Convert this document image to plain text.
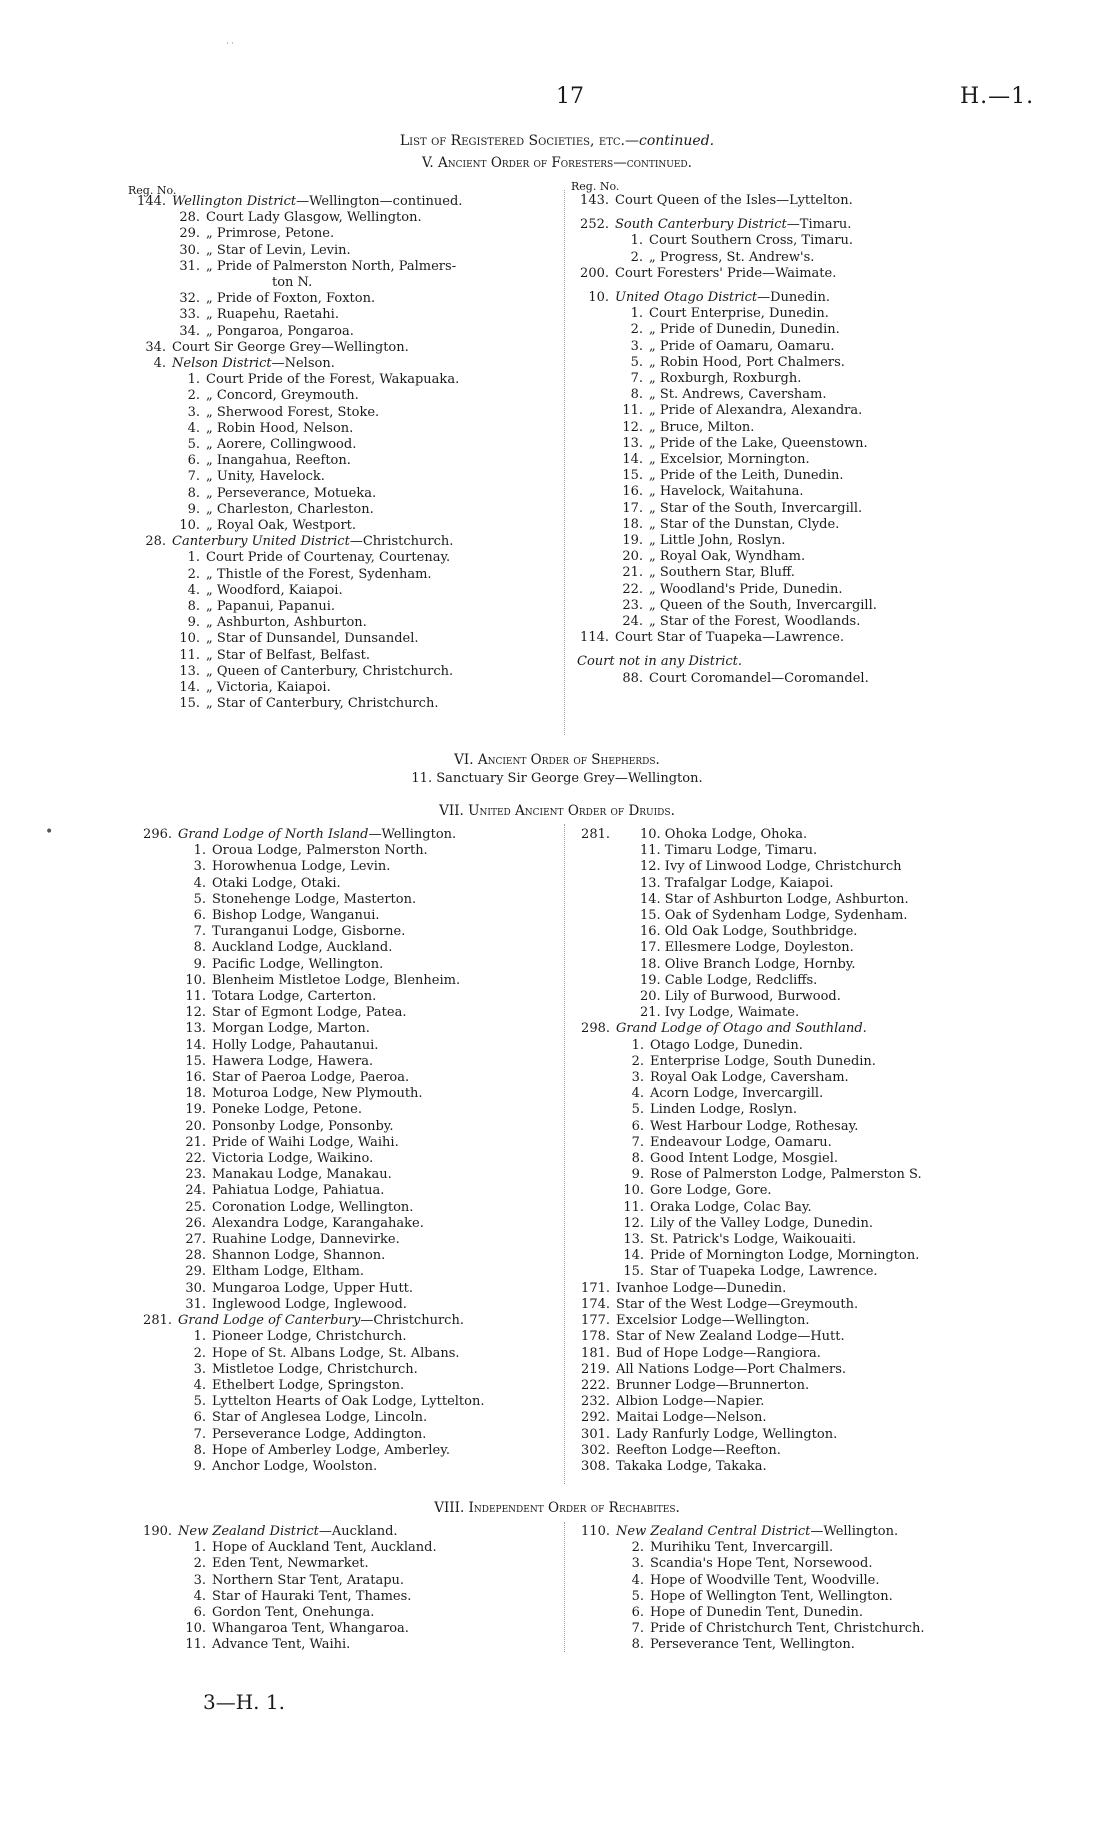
˙˙
•
17	H.—1.
List of Registered Societies, etc.—continued.
V. Ancient Order of Foresters—continued.
Reg. No.	Reg. No.
144. Wellington District—Wellington—continued.
28. Court Lady Glasgow, Wellington.
29. „ Primrose, Petone.
30. „ Star of Levin, Levin.
31. „ Pride of Palmerston North, Palmers-
ton N.
32. „ Pride of Foxton, Foxton.
33. „ Ruapehu, Raetahi.
34. „ Pongaroa, Pongaroa.
34. Court Sir George Grey—Wellington.
4. Nelson District—Nelson.
1. Court Pride of the Forest, Wakapuaka.
2. „ Concord, Greymouth.
3. „ Sherwood Forest, Stoke.
4. „ Robin Hood, Nelson.
5. „ Aorere, Collingwood.
6. „ Inangahua, Reefton.
7. „ Unity, Havelock.
8. „ Perseverance, Motueka.
9. „ Charleston, Charleston.
10. „ Royal Oak, Westport.
28. Canterbury United District—Christchurch.
1. Court Pride of Courtenay, Courtenay.
2. „ Thistle of the Forest, Sydenham.
4. „ Woodford, Kaiapoi.
8. „ Papanui, Papanui.
9. „ Ashburton, Ashburton.
10. „ Star of Dunsandel, Dunsandel.
11. „ Star of Belfast, Belfast.
13. „ Queen of Canterbury, Christchurch.
14. „ Victoria, Kaiapoi.
15. „ Star of Canterbury, Christchurch.
143. Court Queen of the Isles—Lyttelton.
252. South Canterbury District—Timaru.
1. Court Southern Cross, Timaru.
2. „ Progress, St. Andrew's.
200. Court Foresters' Pride—Waimate.
10. United Otago District—Dunedin.
1. Court Enterprise, Dunedin.
2. „ Pride of Dunedin, Dunedin.
3. „ Pride of Oamaru, Oamaru.
5. „ Robin Hood, Port Chalmers.
7. „ Roxburgh, Roxburgh.
8. „ St. Andrews, Caversham.
11. „ Pride of Alexandra, Alexandra.
12. „ Bruce, Milton.
13. „ Pride of the Lake, Queenstown.
14. „ Excelsior, Mornington.
15. „ Pride of the Leith, Dunedin.
16. „ Havelock, Waitahuna.
17. „ Star of the South, Invercargill.
18. „ Star of the Dunstan, Clyde.
19. „ Little John, Roslyn.
20. „ Royal Oak, Wyndham.
21. „ Southern Star, Bluff.
22. „ Woodland's Pride, Dunedin.
23. „ Queen of the South, Invercargill.
24. „ Star of the Forest, Woodlands.
114. Court Star of Tuapeka—Lawrence.
Court not in any District.
88. Court Coromandel—Coromandel.
VI. Ancient Order of Shepherds.
11. Sanctuary Sir George Grey—Wellington.
VII. United Ancient Order of Druids.
296. Grand Lodge of North Island—Wellington.
1. Oroua Lodge, Palmerston North.
3. Horowhenua Lodge, Levin.
4. Otaki Lodge, Otaki.
5. Stonehenge Lodge, Masterton.
6. Bishop Lodge, Wanganui.
7. Turanganui Lodge, Gisborne.
8. Auckland Lodge, Auckland.
9. Pacific Lodge, Wellington.
10. Blenheim Mistletoe Lodge, Blenheim.
11. Totara Lodge, Carterton.
12. Star of Egmont Lodge, Patea.
13. Morgan Lodge, Marton.
14. Holly Lodge, Pahautanui.
15. Hawera Lodge, Hawera.
16. Star of Paeroa Lodge, Paeroa.
18. Moturoa Lodge, New Plymouth.
19. Poneke Lodge, Petone.
20. Ponsonby Lodge, Ponsonby.
21. Pride of Waihi Lodge, Waihi.
22. Victoria Lodge, Waikino.
23. Manakau Lodge, Manakau.
24. Pahiatua Lodge, Pahiatua.
25. Coronation Lodge, Wellington.
26. Alexandra Lodge, Karangahake.
27. Ruahine Lodge, Dannevirke.
28. Shannon Lodge, Shannon.
29. Eltham Lodge, Eltham.
30. Mungaroa Lodge, Upper Hutt.
31. Inglewood Lodge, Inglewood.
281. Grand Lodge of Canterbury—Christchurch.
1. Pioneer Lodge, Christchurch.
2. Hope of St. Albans Lodge, St. Albans.
3. Mistletoe Lodge, Christchurch.
4. Ethelbert Lodge, Springston.
5. Lyttelton Hearts of Oak Lodge, Lyttelton.
6. Star of Anglesea Lodge, Lincoln.
7. Perseverance Lodge, Addington.
8. Hope of Amberley Lodge, Amberley.
9. Anchor Lodge, Woolston.
281.	10. Ohoka Lodge, Ohoka.
11. Timaru Lodge, Timaru.
12. Ivy of Linwood Lodge, Christchurch
13. Trafalgar Lodge, Kaiapoi.
14. Star of Ashburton Lodge, Ashburton.
15. Oak of Sydenham Lodge, Sydenham.
16. Old Oak Lodge, Southbridge.
17. Ellesmere Lodge, Doyleston.
18. Olive Branch Lodge, Hornby.
19. Cable Lodge, Redcliffs.
20. Lily of Burwood, Burwood.
21. Ivy Lodge, Waimate.
298. Grand Lodge of Otago and Southland.
1. Otago Lodge, Dunedin.
2. Enterprise Lodge, South Dunedin.
3. Royal Oak Lodge, Caversham.
4. Acorn Lodge, Invercargill.
5. Linden Lodge, Roslyn.
6. West Harbour Lodge, Rothesay.
7. Endeavour Lodge, Oamaru.
8. Good Intent Lodge, Mosgiel.
9. Rose of Palmerston Lodge, Palmerston S.
10. Gore Lodge, Gore.
11. Oraka Lodge, Colac Bay.
12. Lily of the Valley Lodge, Dunedin.
13. St. Patrick's Lodge, Waikouaiti.
14. Pride of Mornington Lodge, Mornington.
15. Star of Tuapeka Lodge, Lawrence.
171. Ivanhoe Lodge—Dunedin.
174. Star of the West Lodge—Greymouth.
177. Excelsior Lodge—Wellington.
178. Star of New Zealand Lodge—Hutt.
181. Bud of Hope Lodge—Rangiora.
219. All Nations Lodge—Port Chalmers.
222. Brunner Lodge—Brunnerton.
232. Albion Lodge—Napier.
292. Maitai Lodge—Nelson.
301. Lady Ranfurly Lodge, Wellington.
302. Reefton Lodge—Reefton.
308. Takaka Lodge, Takaka.
VIII. Independent Order of Rechabites.
190. New Zealand District—Auckland.
1. Hope of Auckland Tent, Auckland.
2. Eden Tent, Newmarket.
3. Northern Star Tent, Aratapu.
4. Star of Hauraki Tent, Thames.
6. Gordon Tent, Onehunga.
10. Whangaroa Tent, Whangaroa.
11. Advance Tent, Waihi.
110. New Zealand Central District—Wellington.
2. Murihiku Tent, Invercargill.
3. Scandia's Hope Tent, Norsewood.
4. Hope of Woodville Tent, Woodville.
5. Hope of Wellington Tent, Wellington.
6. Hope of Dunedin Tent, Dunedin.
7. Pride of Christchurch Tent, Christchurch.
8. Perseverance Tent, Wellington.
3—H. 1.
